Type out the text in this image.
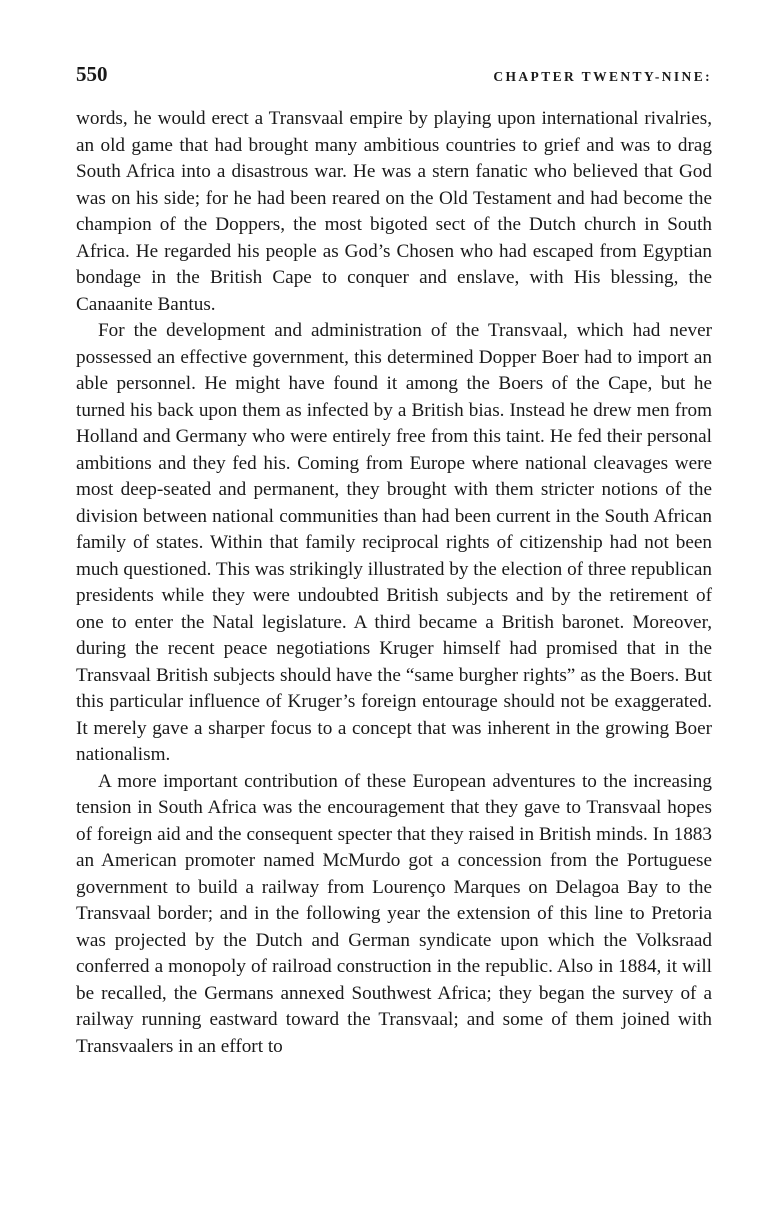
550	CHAPTER TWENTY-NINE:

words, he would erect a Transvaal empire by playing upon international rivalries, an old game that had brought many ambitious countries to grief and was to drag South Africa into a disastrous war. He was a stern fanatic who believed that God was on his side; for he had been reared on the Old Testament and had become the champion of the Doppers, the most bigoted sect of the Dutch church in South Africa. He regarded his people as God’s Chosen who had escaped from Egyptian bondage in the British Cape to conquer and enslave, with His blessing, the Canaanite Bantus.

For the development and administration of the Transvaal, which had never possessed an effective government, this determined Dopper Boer had to import an able personnel. He might have found it among the Boers of the Cape, but he turned his back upon them as infected by a British bias. Instead he drew men from Holland and Germany who were entirely free from this taint. He fed their personal ambitions and they fed his. Coming from Europe where national cleavages were most deep-seated and permanent, they brought with them stricter notions of the division between national communities than had been current in the South African family of states. Within that family reciprocal rights of citizenship had not been much questioned. This was strikingly illustrated by the election of three republican presidents while they were undoubted British subjects and by the retirement of one to enter the Natal legislature. A third became a British baronet. Moreover, during the recent peace negotiations Kruger himself had promised that in the Transvaal British subjects should have the “same burgher rights” as the Boers. But this particular influence of Kruger’s foreign entourage should not be exaggerated. It merely gave a sharper focus to a concept that was inherent in the growing Boer nationalism.

A more important contribution of these European adventures to the increasing tension in South Africa was the encouragement that they gave to Transvaal hopes of foreign aid and the consequent specter that they raised in British minds. In 1883 an American promoter named McMurdo got a concession from the Portuguese government to build a railway from Lourenço Marques on Delagoa Bay to the Transvaal border; and in the following year the extension of this line to Pretoria was projected by the Dutch and German syndicate upon which the Volksraad conferred a monopoly of railroad construction in the republic. Also in 1884, it will be recalled, the Germans annexed Southwest Africa; they began the survey of a railway running eastward toward the Transvaal; and some of them joined with Transvaalers in an effort to
